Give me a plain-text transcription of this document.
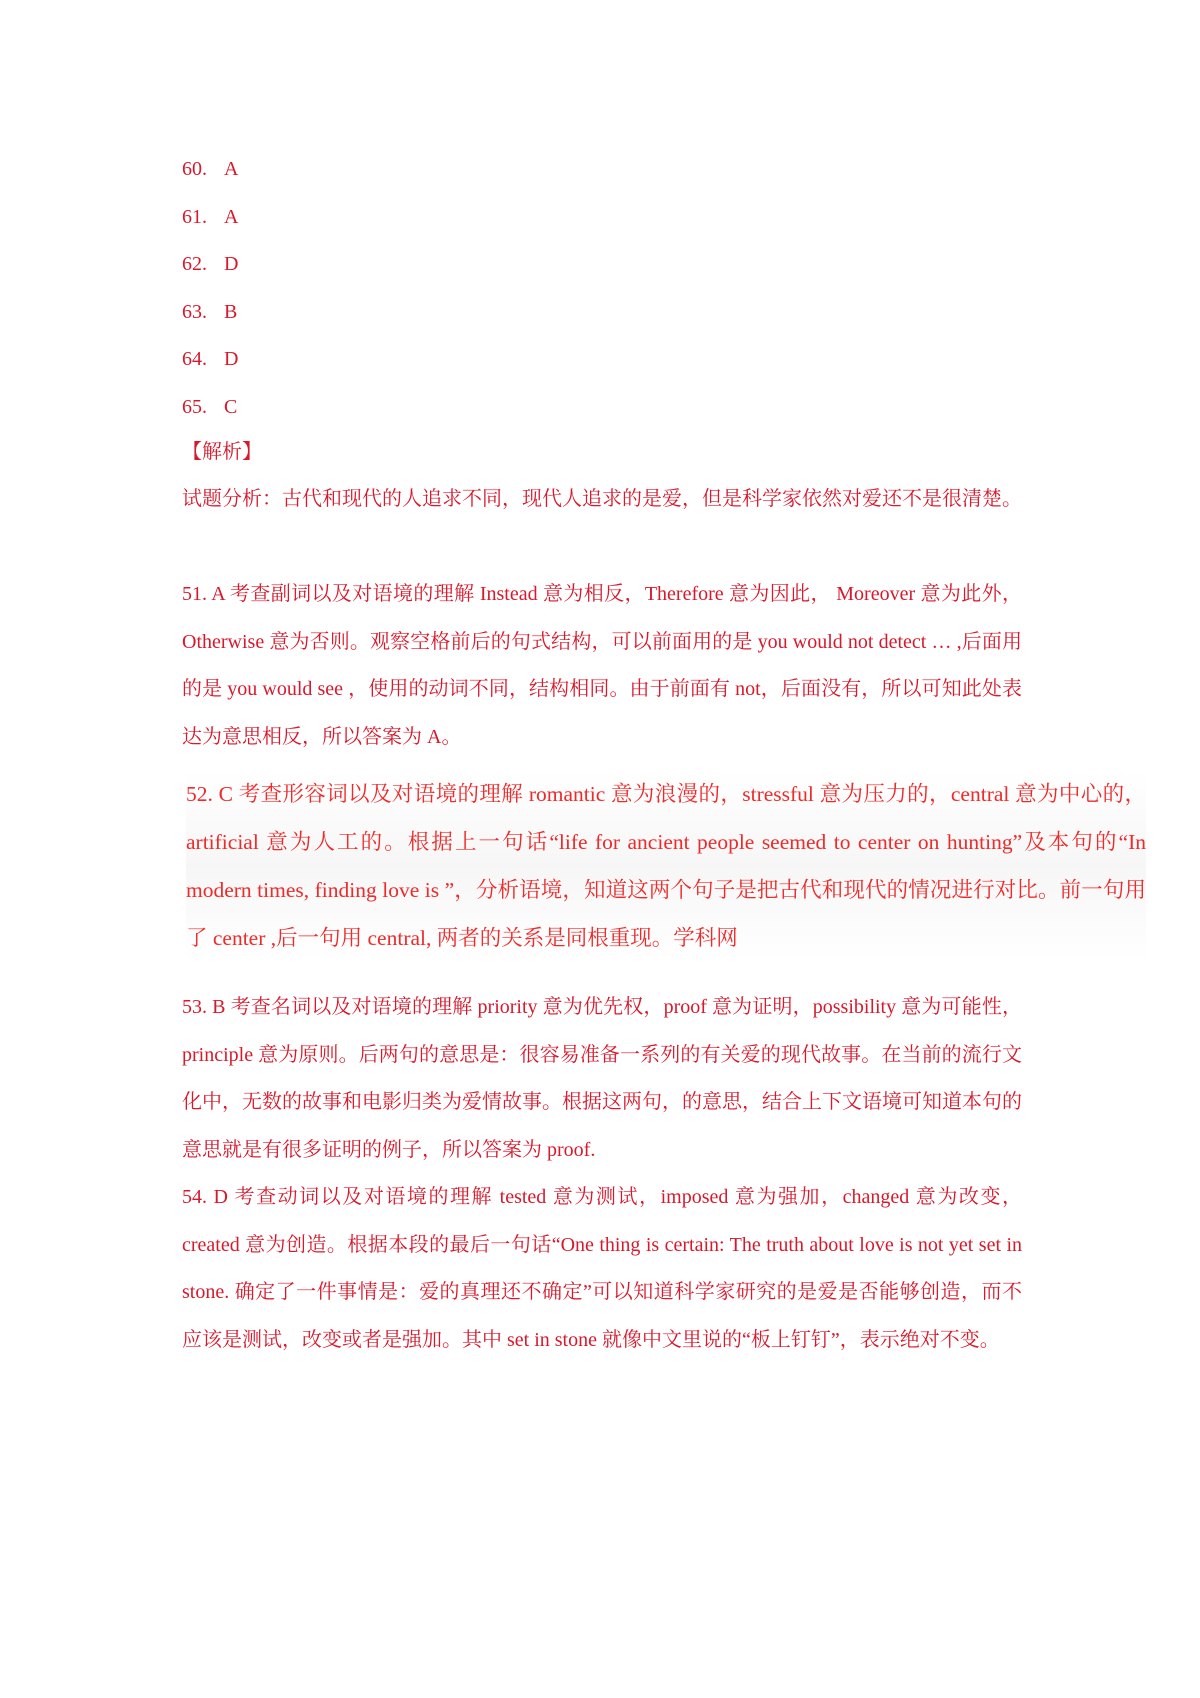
60. A
61. A
62. D
63. B
64. D
65. C

【解析】

试题分析：古代和现代的人追求不同，现代人追求的是爱，但是科学家依然对爱还不是很清楚。

51. A 考查副词以及对语境的理解 Instead 意为相反，Therefore 意为因此， Moreover 意为此外， Otherwise 意为否则。观察空格前后的句式结构，可以前面用的是 you would not detect … ,后面用的是 you would see ，使用的动词不同，结构相同。由于前面有 not，后面没有，所以可知此处表达为意思相反，所以答案为 A。

52. C 考查形容词以及对语境的理解 romantic 意为浪漫的，stressful 意为压力的，central 意为中心的， artificial 意为人工的。根据上一句话“life for ancient people seemed to center on hunting”及本句的“In modern times, finding love is ”，分析语境，知道这两个句子是把古代和现代的情况进行对比。前一句用了 center ,后一句用 central, 两者的关系是同根重现。学科网

53. B 考查名词以及对语境的理解 priority 意为优先权，proof 意为证明，possibility 意为可能性，principle 意为原则。后两句的意思是：很容易准备一系列的有关爱的现代故事。在当前的流行文化中，无数的故事和电影归类为爱情故事。根据这两句，的意思，结合上下文语境可知道本句的意思就是有很多证明的例子，所以答案为 proof.

54. D 考查动词以及对语境的理解 tested 意为测试，imposed 意为强加，changed 意为改变，created 意为创造。根据本段的最后一句话“One thing is certain: The truth about love is not yet set in stone. 确定了一件事情是：爱的真理还不确定”可以知道科学家研究的是爱是否能够创造，而不应该是测试，改变或者是强加。其中 set in stone 就像中文里说的“板上钉钉”，表示绝对不变。
